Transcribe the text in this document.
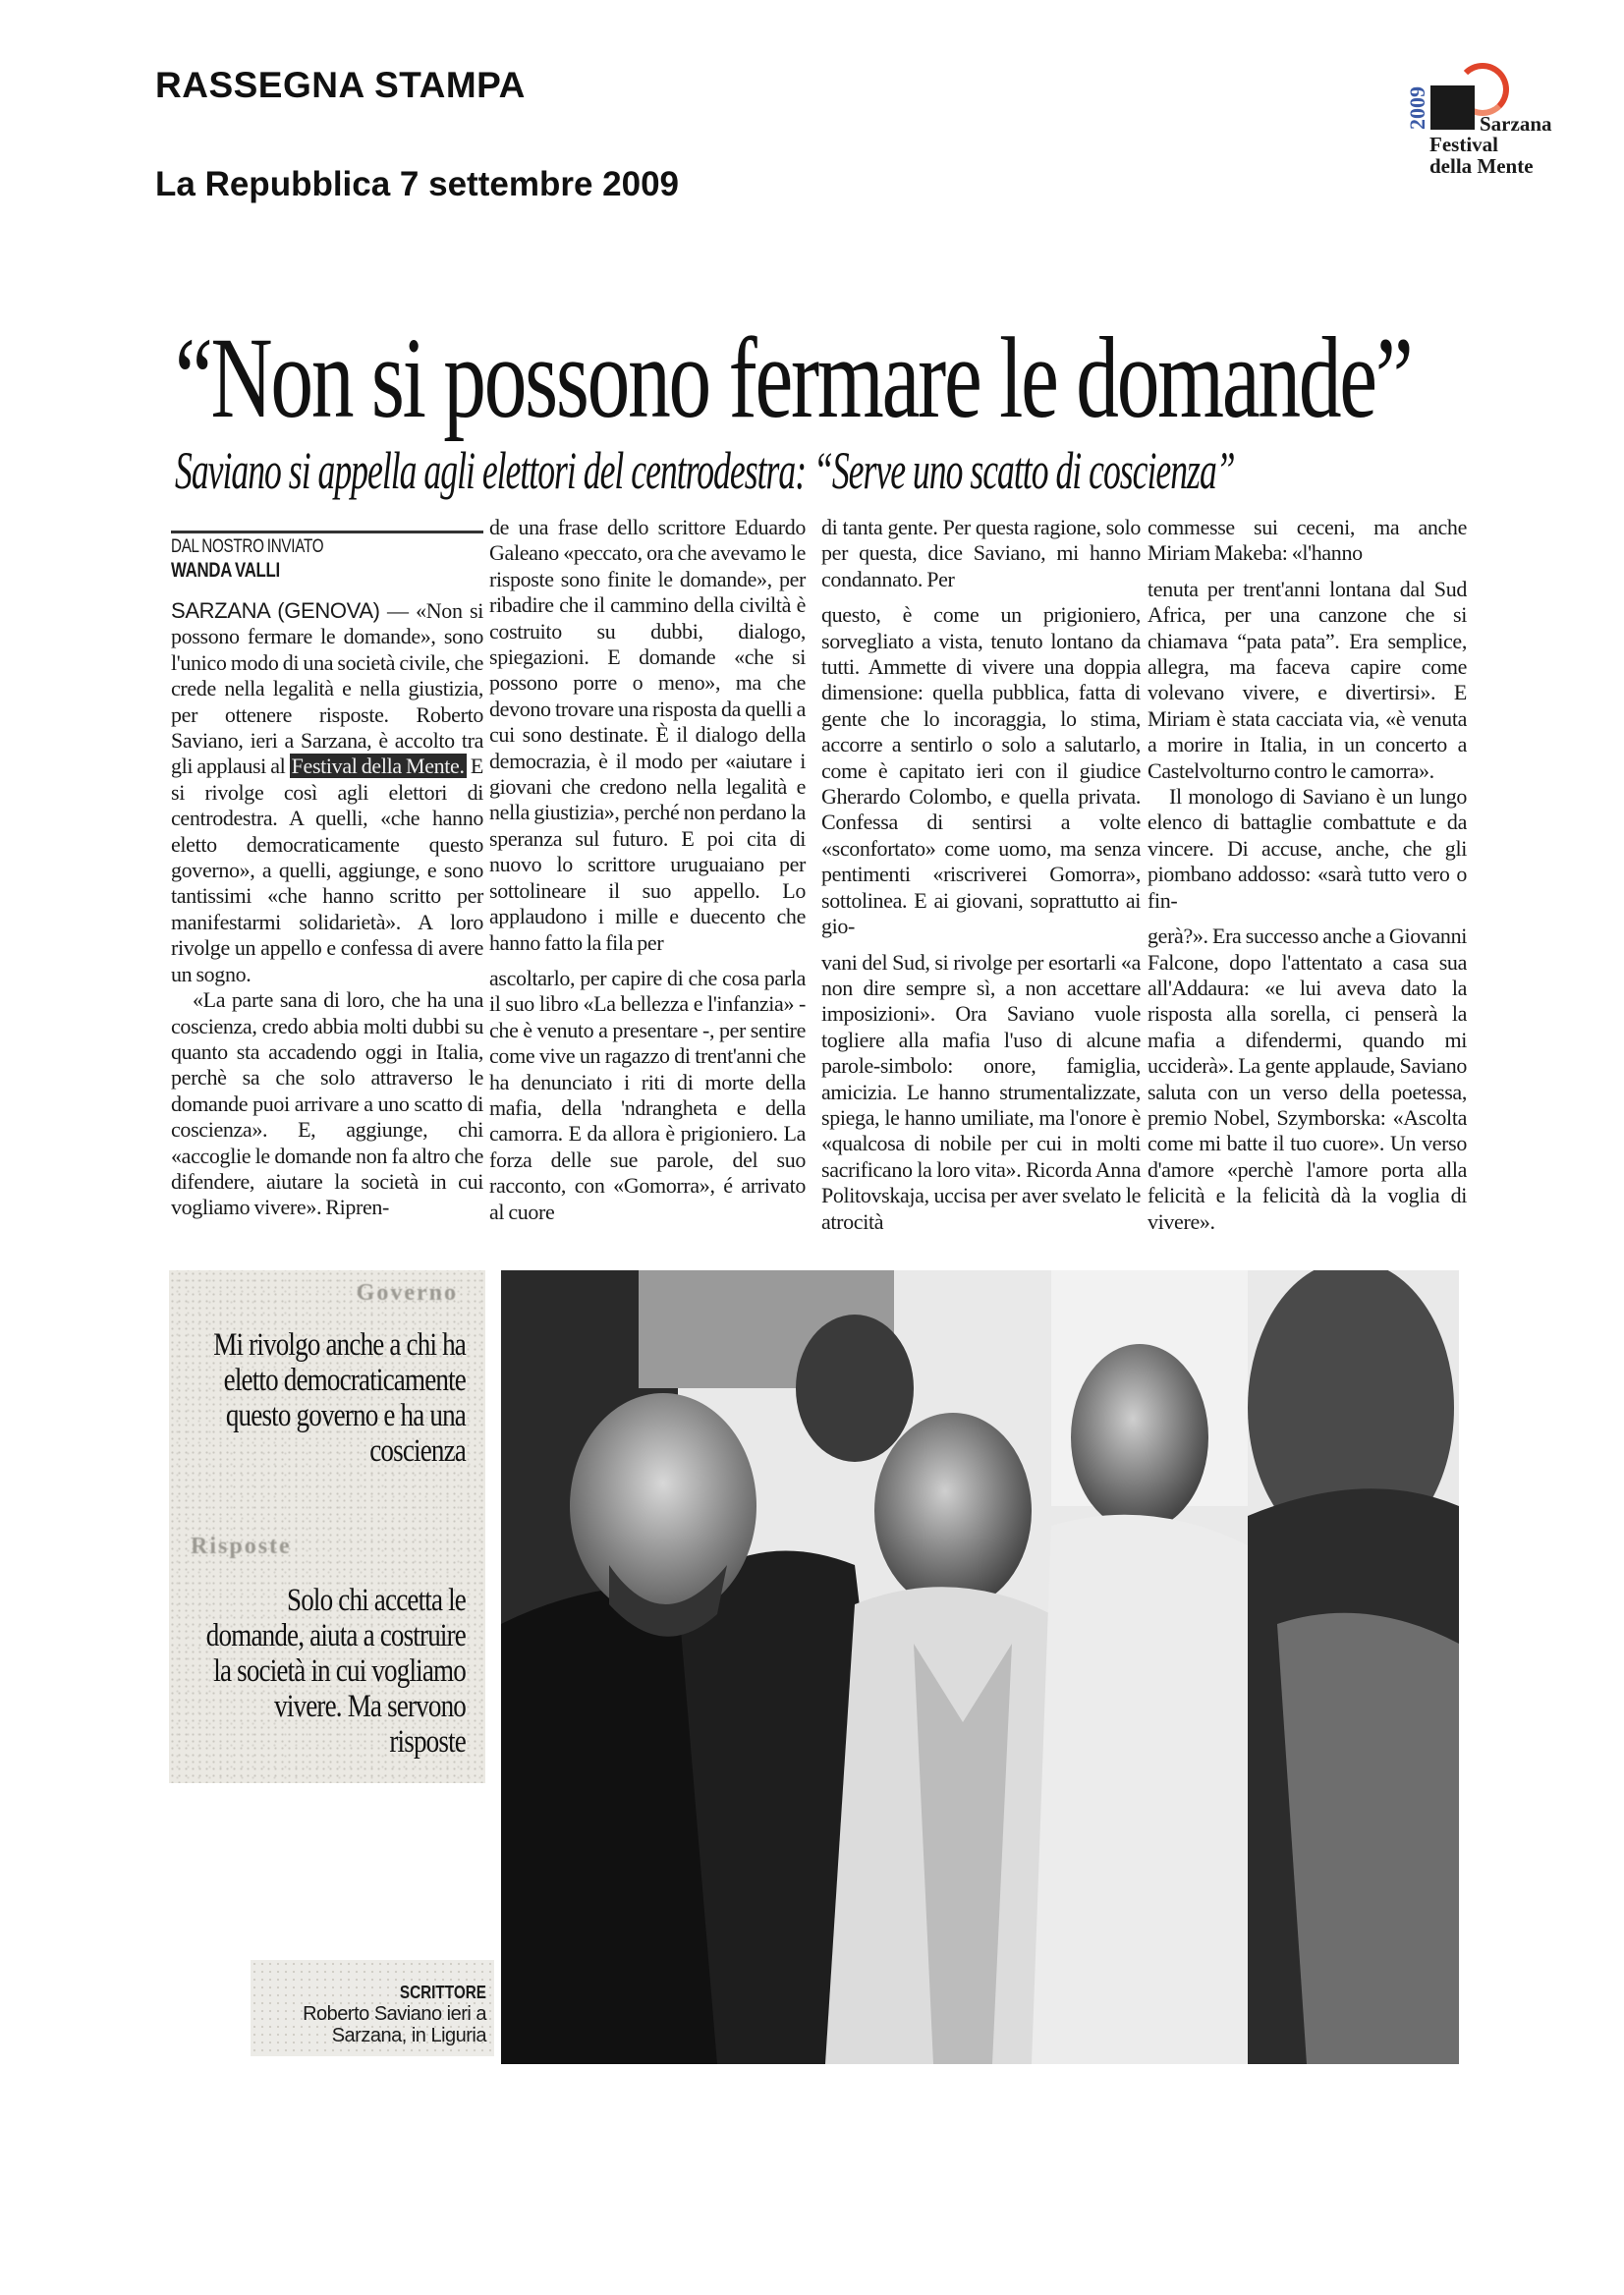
RASSEGNA STAMPA
La Repubblica 7 settembre 2009
2009 Sarzana
Festival
della Mente
“Non si possono fermare le domande”
Saviano si appella agli elettori del centrodestra: “Serve uno scatto di coscienza”
DAL NOSTRO INVIATO
WANDA VALLI

SARZANA (GENOVA) — «Non si possono fermare le domande», sono l'unico modo di una società civile, che crede nella legalità e nella giustizia, per ottenere risposte. Roberto Saviano, ieri a Sarzana, è accolto tra gli applausi al Festival della Mente. E si rivolge così agli elettori di centrodestra. A quelli, «che hanno eletto democraticamente questo governo», a quelli, aggiunge, e sono tantissimi «che hanno scritto per manifestarmi solidarietà». A loro rivolge un appello e confessa di avere un sogno.

«La parte sana di loro, che ha una coscienza, credo abbia molti dubbi su quanto sta accadendo oggi in Italia, perchè sa che solo attraverso le domande puoi arrivare a uno scatto di coscienza». E, aggiunge, chi «accoglie le domande non fa altro che difendere, aiutare la società in cui vogliamo vivere». Ripren-

de una frase dello scrittore Eduardo Galeano «peccato, ora che avevamo le risposte sono finite le domande», per ribadire che il cammino della civiltà è costruito su dubbi, dialogo, spiegazioni. E domande «che si possono porre o meno», ma che devono trovare una risposta da quelli a cui sono destinate. È il dialogo della democrazia, è il modo per «aiutare i giovani che credono nella legalità e nella giustizia», perché non perdano la speranza sul futuro. E poi cita di nuovo lo scrittore uruguaiano per sottolineare il suo appello. Lo applaudono i mille e duecento che hanno fatto la fila per

ascoltarlo, per capire di che cosa parla il suo libro «La bellezza e l'infanzia» - che è venuto a presentare -, per sentire come vive un ragazzo di trent'anni che ha denunciato i riti di morte della mafia, della 'ndrangheta e della camorra. E da allora è prigioniero. La forza delle sue parole, del suo racconto, con «Gomorra», é arrivato al cuore

di tanta gente. Per questa ragione, solo per questa, dice Saviano, mi hanno condannato. Per

questo, è come un prigioniero, sorvegliato a vista, tenuto lontano da tutti. Ammette di vivere una doppia dimensione: quella pubblica, fatta di gente che lo incoraggia, lo stima, accorre a sentirlo o solo a salutarlo, come è capitato ieri con il giudice Gherardo Colombo, e quella privata. Confessa di sentirsi a volte «sconfortato» come uomo, ma senza pentimenti «riscriverei Gomorra», sottolinea. E ai giovani, soprattutto ai gio-

vani del Sud, si rivolge per esortarli «a non dire sempre sì, a non accettare imposizioni». Ora Saviano vuole togliere alla mafia l'uso di alcune parole-simbolo: onore, famiglia, amicizia. Le hanno strumentalizzate, spiega, le hanno umiliate, ma l'onore è «qualcosa di nobile per cui in molti sacrificano la loro vita». Ricorda Anna Politovskaja, uccisa per aver svelato le atrocità

commesse sui ceceni, ma anche Miriam Makeba: «l'hanno

tenuta per trent'anni lontana dal Sud Africa, per una canzone che si chiamava “pata pata”. Era semplice, allegra, ma faceva capire come volevano vivere, e divertirsi». E Miriam è stata cacciata via, «è venuta a morire in Italia, in un concerto a Castelvolturno contro le camorra».

Il monologo di Saviano è un lungo elenco di battaglie combattute e da vincere. Di accuse, anche, che gli piombano addosso: «sarà tutto vero o fin-

gerà?». Era successo anche a Giovanni Falcone, dopo l'attentato a casa sua all'Addaura: «e lui aveva dato la risposta alla sorella, ci penserà la mafia a difendermi, quando mi ucciderà». La gente applaude, Saviano saluta con un verso della poetessa, premio Nobel, Szymborska: «Ascolta come mi batte il tuo cuore». Un verso d'amore «perchè l'amore porta alla felicità e la felicità dà la voglia di vivere».

Governo
Mi rivolgo anche a chi ha eletto democraticamente questo governo e ha una coscienza
Risposte
Solo chi accetta le domande, aiuta a costruire la società in cui vogliamo vivere. Ma servono risposte
SCRITTORE
Roberto Saviano ieri a Sarzana, in Liguria
